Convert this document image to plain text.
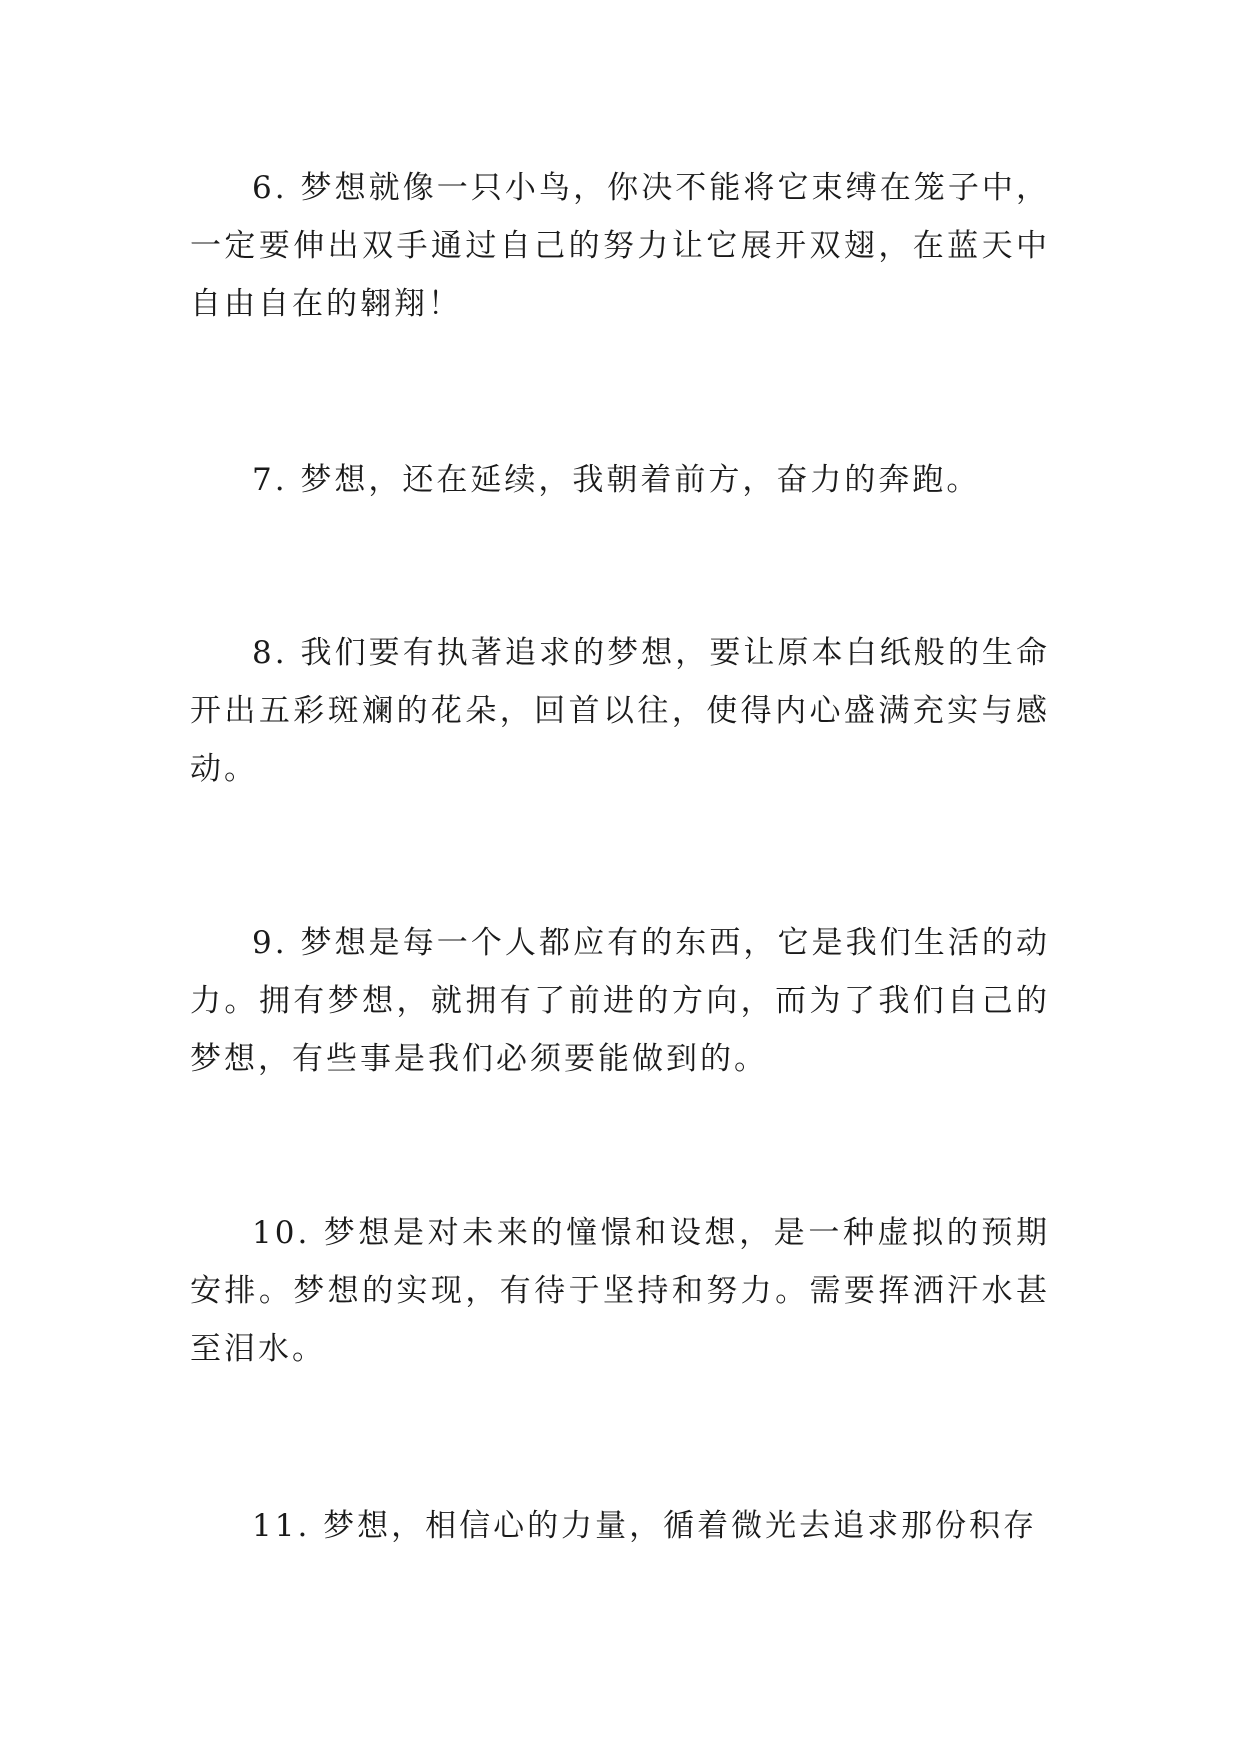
6. 梦想就像一只小鸟，你决不能将它束缚在笼子中，一定要伸出双手通过自己的努力让它展开双翅，在蓝天中自由自在的翱翔！

7. 梦想，还在延续，我朝着前方，奋力的奔跑。

8. 我们要有执著追求的梦想，要让原本白纸般的生命开出五彩斑斓的花朵，回首以往，使得内心盛满充实与感动。

9. 梦想是每一个人都应有的东西，它是我们生活的动力。拥有梦想，就拥有了前进的方向，而为了我们自己的梦想，有些事是我们必须要能做到的。

10. 梦想是对未来的憧憬和设想，是一种虚拟的预期安排。梦想的实现，有待于坚持和努力。需要挥洒汗水甚至泪水。

11. 梦想，相信心的力量，循着微光去追求那份积存
